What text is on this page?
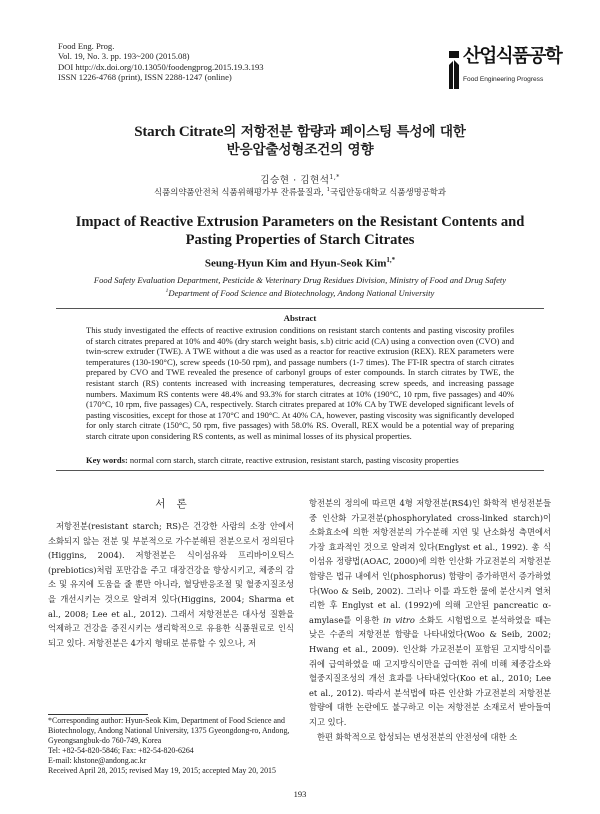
Food Eng. Prog.
Vol. 19, No. 3. pp. 193~200 (2015.08)
DOI http://dx.doi.org/10.13050/foodengprog.2015.19.3.193
ISSN 1226-4768 (print), ISSN 2288-1247 (online)
산업식품공학
Food Engineering Progress
Starch Citrate의 저항전분 함량과 페이스팅 특성에 대한
반응압출성형조건의 영향
김승현 · 김현석$^{1,*}$
식품의약품안전처 식품위해평가부 잔류물질과, $^1$국립안동대학교 식품생명공학과
Impact of Reactive Extrusion Parameters on the Resistant Contents and
Pasting Properties of Starch Citrates
Seung-Hyun Kim and Hyun-Seok Kim$^{1,*}$
Food Safety Evaluation Department, Pesticide & Veterinary Drug Residues Division, Ministry of Food and Drug Safety
$^1$Department of Food Science and Biotechnology, Andong National University
Abstract
This study investigated the effects of reactive extrusion conditions on resistant starch contents and pasting viscosity profiles of starch citrates prepared at 10% and 40% (dry starch weight basis, s.b) citric acid (CA) using a convection oven (CVO) and twin-screw extruder (TWE). A TWE without a die was used as a reactor for reactive extrusion (REX). REX parameters were temperatures (130-190°C), screw speeds (10-50 rpm), and passage numbers (1-7 times). The FT-IR spectra of starch citrates prepared by CVO and TWE revealed the presence of carbonyl groups of ester compounds. In starch citrates by TWE, the resistant starch (RS) contents increased with increasing temperatures, decreasing screw speeds, and increasing passage numbers. Maximum RS contents were 48.4% and 93.3% for starch citrates at 10% (190°C, 10 rpm, five passages) and 40% (170°C, 10 rpm, five passages) CA, respectively. Starch citrates prepared at 10% CA by TWE developed significant levels of pasting viscosities, except for those at 170°C and 190°C. At 40% CA, however, pasting viscosity was significantly developed for only starch citrate (150°C, 50 rpm, five passages) with 58.0% RS. Overall, REX would be a potential way of preparing starch citrate upon considering RS contents, as well as minimal losses of its physical properties.
Key words: normal corn starch, starch citrate, reactive extrusion, resistant starch, pasting viscosity properties
서 론

저항전분(resistant starch; RS)은 건강한 사람의 소장 안에서 소화되지 않는 전분 및 부분적으로 가수분해된 전분으로서 정의된다(Higgins, 2004). 저항전분은 식이섬유와 프리바이오틱스(prebiotics)처럼 포만감을 주고 대장건강을 향상시키고, 체중의 감소 및 유지에 도움을 줄 뿐만 아니라, 혈당반응조절 및 혈중지질조성을 개선시키는 것으로 알려져 있다(Higgins, 2004; Sharma et al., 2008; Lee et al., 2012). 그래서 저항전분은 대사성 질환을 억제하고 건강을 증진시키는 생리학적으로 유용한 식품원료로 인식되고 있다. 저항전분은 4가지 형태로 분류할 수 있으나, 저

항전분의 정의에 따르면 4형 저항전분(RS4)인 화학적 변성전분들 중 인산화 가교전분(phosphorylated cross-linked starch)이 소화효소에 의한 저항전분의 가수분해 지연 및 난소화성 측면에서 가장 효과적인 것으로 알려져 있다(Englyst et al., 1992). 총 식이섬유 정량법(AOAC, 2000)에 의한 인산화 가교전분의 저항전분 함량은 법규 내에서 인(phosphorus) 함량이 증가하면서 증가하였다(Woo & Seib, 2002). 그러나 이를 과도한 물에 분산시켜 열처리한 후 Englyst et al. (1992)에 의해 고안된 pancreatic α-amylase를 이용한 in vitro 소화도 시험법으로 분석하였을 때는 낮은 수준의 저항전분 함량을 나타내었다(Woo & Seib, 2002; Hwang et al., 2009). 인산화 가교전분이 포함된 고지방식이를 쥐에 급여하였을 때 고지방식이만을 급여한 쥐에 비해 체중감소와 혈중지질조성의 개선 효과를 나타내었다(Koo et al., 2010; Lee et al., 2012). 따라서 분석법에 따른 인산화 가교전분의 저항전분 함량에 대한 논란에도 불구하고 이는 저항전분 소재로서 받아들여지고 있다.

한편 화학적으로 합성되는 변성전분의 안전성에 대한 소

*Corresponding author: Hyun-Seok Kim, Department of Food Science and Biotechnology, Andong National University, 1375 Gyeongdong-ro, Andong, Gyeongsangbuk-do 760-749, Korea
Tel: +82-54-820-5846; Fax: +82-54-820-6264
E-mail: khstone@andong.ac.kr
Received April 28, 2015; revised May 19, 2015; accepted May 20, 2015
193
